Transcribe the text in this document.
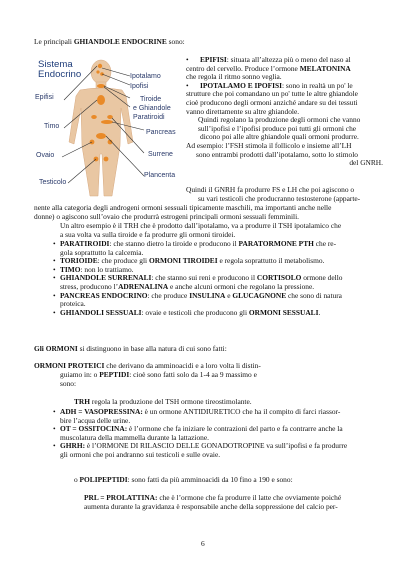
Le principali GHIANDOLE ENDOCRINE sono:
Sistema
Endocrino	Ipotalamo
Ipofisi
Epifisi	Tiroide
e Ghiandole
Paratiroidi
Timo
Pancreas
Surrene
Ovaio
Plancenta
Testicolo
• EPIFISI: situata all’altezza più o meno del naso al
centro del cervello. Produce l’ormone MELATONINA
che regola il ritmo sonno veglia.
• IPOTALAMO E IPOFISI: sono in realtà un po' le
strutture che poi comandano un po' tutte le altre ghiandole
cioè producono degli ormoni anziché andare su dei tessuti
vanno direttamente su altre ghiandole.
Quindi regolano la produzione degli ormoni che vanno
sull’ipofisi e l’ipofisi produce poi tutti gli ormoni che
dicono poi alle altre ghiandole quali ormoni produrre.
Ad esempio: l’FSH stimola il follicolo e insieme all’LH
sono entrambi prodotti dall’ipotalamo, sotto lo stimolo
del GNRH.
Quindi il GNRH fa produrre FS e LH che poi agiscono o
su vari testicoli che producranno testosterone (apparte-
nente alla categoria degli androgeni ormoni sessuali tipicamente maschili, ma importanti anche nelle
donne) o agiscono sull’ovaio che produrrà estrogeni principali ormoni sessuali femminili.
Un altro esempio è il TRH che è prodotto dall’ipotalamo, va a produrre il TSH ipotalamico che
a sua volta va sulla tiroide e fa produrre gli ormoni tiroidei.
• PARATIROIDI: che stanno dietro la tiroide e producono il PARATORMONE PTH che re-
gola soprattutto la calcemia.
• TORIOIDE: che produce gli ORMONI TIROIDEI e regola soprattutto il metabolismo.
• TIMO: non lo trattiamo.
• GHIANDOLE SURRENALI: che stanno sui reni e producono il CORTISOLO ormone dello
stress, producono l’ADRENALINA e anche alcuni ormoni che regolano la pressione.
• PANCREAS ENDOCRINO: che produce INSULINA e GLUCAGNONE che sono di natura
proteica.
• GHIANDOLI SESSUALI: ovaie e testicoli che producono gli ORMONI SESSUALI.
Gli ORMONI si distinguono in base alla natura di cui sono fatti:
ORMONI PROTEICI che derivano da amminoacidi e a loro volta li distin-
guiamo in: o PEPTIDI: cioè sono fatti solo da 1-4 aa 9 massimo e
sono:
TRH regola la produzione del TSH ormone tireostimolante.
• ADH = VASOPRESSINA: è un ormone ANTIDIURETICO che ha il compito di farci riassor-
bire l’acqua delle urine.
• OT = OSSITOCINA: è l’ormone che fa iniziare le contrazioni del parto e fa contrarre anche la
muscolatura della mammella durante la lattazione.
• GHRH: è l’ORMONE DI RILASCIO DELLE GONADOTROPINE va sull’ipofisi e fa produrre
gli ormoni che poi andranno sui testicoli e sulle ovaie.
o POLIPEPTIDI: sono fatti da più amminoacidi da 10 fino a 190 e sono:
PRL = PROLATTINA: che è l’ormone che fa produrre il latte che ovviamente poiché
aumenta durante la gravidanza è responsabile anche della soppressione del calcio per-
6
